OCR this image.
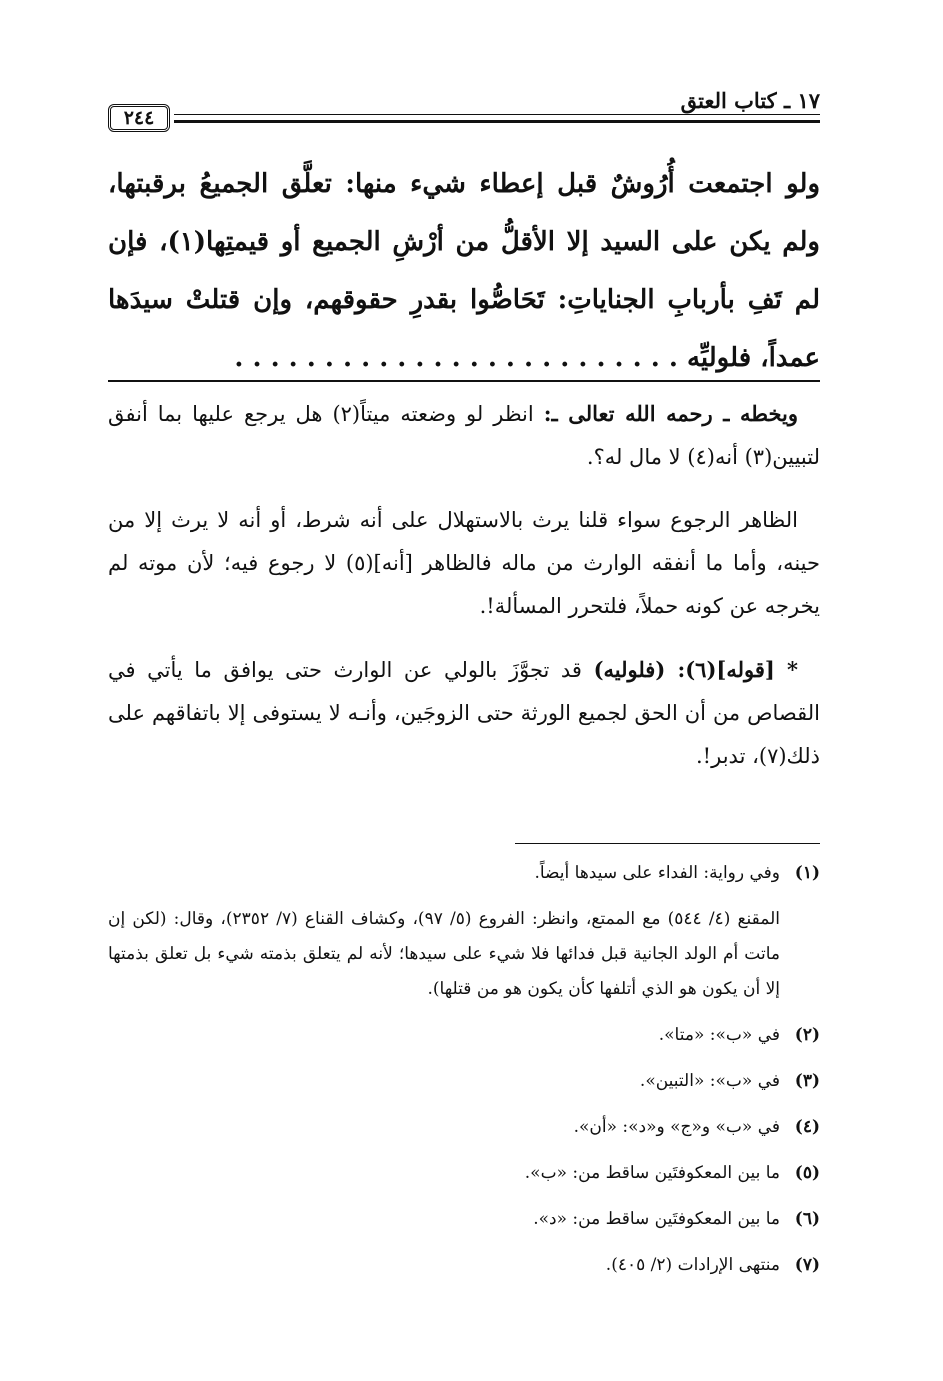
١٧ ـ كتاب العتق
٢٤٤

ولو اجتمعت أُرُوشٌ قبل إعطاء شيء منها: تعلَّق الجميعُ برقبتها، ولم يكن على السيد إلا الأقلُّ من أرْشِ الجميع أو قيمتِها(١)، فإن لم تَفِ بأربابِ الجناياتِ: تَحَاصُّوا بقدرِ حقوقهم، وإن قتلتْ سيدَها عمداً، فلوليِّه . . . . . . . . . . . . . . . . . . . . . . . . .

ويخطه ـ رحمه الله تعالى ـ: انظر لو وضعته ميتاً(٢) هل يرجع عليها بما أنفق لتبيين(٣) أنه(٤) لا مال له؟.

الظاهر الرجوع سواء قلنا يرث بالاستهلال على أنه شرط، أو أنه لا يرث إلا من حينه، وأما ما أنفقه الوارث من ماله فالظاهر [أنه](٥) لا رجوع فيه؛ لأن موته لم يخرجه عن كونه حملاً، فلتحرر المسألة!.

* [قوله](٦): (فلوليه) قد تجوَّزَ بالولي عن الوارث حتى يوافق ما يأتي في القصاص من أن الحق لجميع الورثة حتى الزوجَين، وأنـه لا يستوفى إلا باتفاقهم على ذلك(٧)، تدبر!.

(١)
وفي رواية: الفداء على سيدها أيضاً.
المقنع (٤/ ٥٤٤) مع الممتع، وانظر: الفروع (٥/ ٩٧)، وكشاف القناع (٧/ ٢٣٥٢)، وقال: (لكن إن ماتت أم الولد الجانية قبل فدائها فلا شيء على سيدها؛ لأنه لم يتعلق بذمته شيء بل تعلق بذمتها إلا أن يكون هو الذي أتلفها كأن يكون هو من قتلها).
(٢)
في «ب»: «متا».
(٣)
في «ب»: «التبين».
(٤)
في «ب» و«ج» و«د»: «أن».
(٥)
ما بين المعكوفتَين ساقط من: «ب».
(٦)
ما بين المعكوفتَين ساقط من: «د».
(٧)
منتهى الإرادات (٢/ ٤٠٥).
